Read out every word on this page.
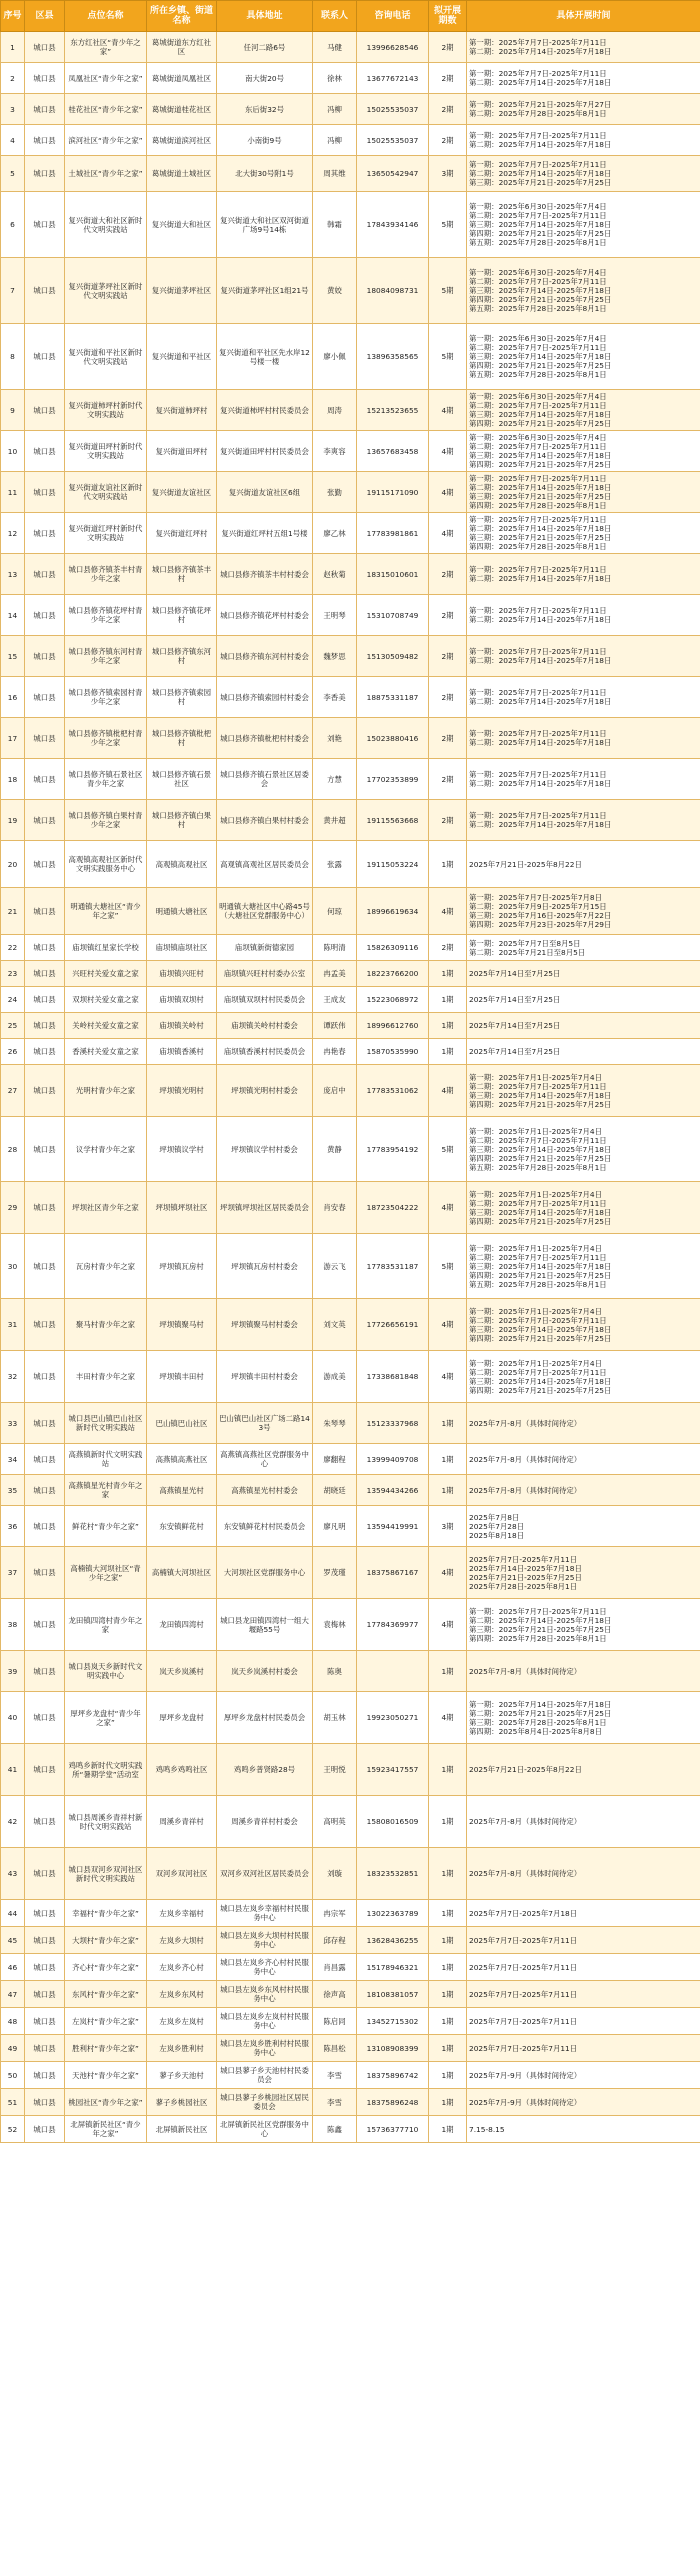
序号	区县	点位名称	所在乡镇、街道名称	具体地址	联系人	咨询电话	拟开展期数	具体开展时间
1	城口县	东方红社区“青少年之家”	葛城街道东方红社区	任河二路6号	马健	13996628546	2期	第一期：2025年7月7日-2025年7月11日
第二期：2025年7月14日-2025年7月18日
2	城口县	凤凰社区“青少年之家”	葛城街道凤凰社区	南大街20号	徐林	13677672143	2期	第一期：2025年7月7日-2025年7月11日
第二期：2025年7月14日-2025年7月18日
3	城口县	桂花社区“青少年之家”	葛城街道桂花社区	东后街32号	冯柳	15025535037	2期	第一期：2025年7月21日-2025年7月27日
第二期：2025年7月28日-2025年8月1日
4	城口县	滨河社区“青少年之家”	葛城街道滨河社区	小南街9号	冯柳	15025535037	2期	第一期：2025年7月7日-2025年7月11日
第二期：2025年7月14日-2025年7月18日
5	城口县	土城社区“青少年之家”	葛城街道土城社区	北大街30号附1号	周其维	13650542947	3期	第一期：2025年7月7日-2025年7月11日
第二期：2025年7月14日-2025年7月18日
第三期：2025年7月21日-2025年7月25日
6	城口县	复兴街道大和社区新时代文明实践站	复兴街道大和社区	复兴街道大和社区双河街道广场9号14栋	韩霜	17843934146	5期	第一期：2025年6月30日-2025年7月4日
第二期：2025年7月7日-2025年7月11日
第三期：2025年7月14日-2025年7月18日
第四期：2025年7月21日-2025年7月25日
第五期：2025年7月28日-2025年8月1日
7	城口县	复兴街道茅坪社区新时代文明实践站	复兴街道茅坪社区	复兴街道茅坪社区1组21号	黄姣	18084098731	5期	第一期：2025年6月30日-2025年7月4日
第二期：2025年7月7日-2025年7月11日
第三期：2025年7月14日-2025年7月18日
第四期：2025年7月21日-2025年7月25日
第五期：2025年7月28日-2025年8月1日
8	城口县	复兴街道和平社区新时代文明实践站	复兴街道和平社区	复兴街道和平社区先水岸12号楼一楼	廖小佩	13896358565	5期	第一期：2025年6月30日-2025年7月4日
第二期：2025年7月7日-2025年7月11日
第三期：2025年7月14日-2025年7月18日
第四期：2025年7月21日-2025年7月25日
第五期：2025年7月28日-2025年8月1日
9	城口县	复兴街道柿坪村新时代文明实践站	复兴街道柿坪村	复兴街道柿坪村村民委员会	周涛	15213523655	4期	第一期：2025年6月30日-2025年7月4日
第二期：2025年7月7日-2025年7月11日
第三期：2025年7月14日-2025年7月18日
第四期：2025年7月21日-2025年7月25日
10	城口县	复兴街道田坪村新时代文明实践站	复兴街道田坪村	复兴街道田坪村村民委员会	李爽容	13657683458	4期	第一期：2025年6月30日-2025年7月4日
第二期：2025年7月7日-2025年7月11日
第三期：2025年7月14日-2025年7月18日
第四期：2025年7月21日-2025年7月25日
11	城口县	复兴街道友谊社区新时代文明实践站	复兴街道友谊社区	复兴街道友谊社区6组	张勤	19115171090	4期	第一期：2025年7月7日-2025年7月11日
第二期：2025年7月14日-2025年7月18日
第三期：2025年7月21日-2025年7月25日
第四期：2025年7月28日-2025年8月1日
12	城口县	复兴街道红坪村新时代文明实践站	复兴街道红坪村	复兴街道红坪村五组1号楼	廖乙林	17783981861	4期	第一期：2025年7月7日-2025年7月11日
第二期：2025年7月14日-2025年7月18日
第三期：2025年7月21日-2025年7月25日
第四期：2025年7月28日-2025年8月1日
13	城口县	城口县修齐镇茶丰村青少年之家	城口县修齐镇茶丰村	城口县修齐镇茶丰村村委会	赵秋菊	18315010601	2期	第一期：2025年7月7日-2025年7月11日
第二期：2025年7月14日-2025年7月18日
14	城口县	城口县修齐镇花坪村青少年之家	城口县修齐镇花坪村	城口县修齐镇花坪村村委会	王明琴	15310708749	2期	第一期：2025年7月7日-2025年7月11日
第二期：2025年7月14日-2025年7月18日
15	城口县	城口县修齐镇东河村青少年之家	城口县修齐镇东河村	城口县修齐镇东河村村委会	魏梦思	15130509482	2期	第一期：2025年7月7日-2025年7月11日
第二期：2025年7月14日-2025年7月18日
16	城口县	城口县修齐镇索园村青少年之家	城口县修齐镇索园村	城口县修齐镇索园村村委会	李香美	18875331187	2期	第一期：2025年7月7日-2025年7月11日
第二期：2025年7月14日-2025年7月18日
17	城口县	城口县修齐镇枇杷村青少年之家	城口县修齐镇枇杷村	城口县修齐镇枇杷村村委会	刘艳	15023880416	2期	第一期：2025年7月7日-2025年7月11日
第二期：2025年7月14日-2025年7月18日
18	城口县	城口县修齐镇石景社区青少年之家	城口县修齐镇石景社区	城口县修齐镇石景社区居委会	方慧	17702353899	2期	第一期：2025年7月7日-2025年7月11日
第二期：2025年7月14日-2025年7月18日
19	城口县	城口县修齐镇白果村青少年之家	城口县修齐镇白果村	城口县修齐镇白果村村委会	黄井超	19115563668	2期	第一期：2025年7月7日-2025年7月11日
第二期：2025年7月14日-2025年7月18日
20	城口县	高观镇高观社区新时代文明实践服务中心	高观镇高观社区	高观镇高观社区居民委员会	张露	19115053224	1期	2025年7月21日-2025年8月22日
21	城口县	明通镇大塘社区“青少年之家”	明通镇大塘社区	明通镇大塘社区中心路45号（大塘社区党群服务中心）	何琼	18996619634	4期	第一期：2025年7月7日-2025年7月8日
第二期：2025年7月9日-2025年7月15日
第三期：2025年7月16日-2025年7月22日
第四期：2025年7月23日-2025年7月29日
22	城口县	庙坝镇红星家长学校	庙坝镇庙坝社区	庙坝镇新街德家园	陈明清	15826309116	2期	第一期：2025年7月7日至8月5日
第二期：2025年7月21日至8月5日
23	城口县	兴旺村关爱女童之家	庙坝镇兴旺村	庙坝镇兴旺村村委办公室	冉孟美	18223766200	1期	2025年7月14日至7月25日
24	城口县	双坝村关爱女童之家	庙坝镇双坝村	庙坝镇双坝村村民委员会	王成友	15223068972	1期	2025年7月14日至7月25日
25	城口县	关岭村关爱女童之家	庙坝镇关岭村	庙坝镇关岭村村委会	谭跃伟	18996612760	1期	2025年7月14日至7月25日
26	城口县	香溪村关爱女童之家	庙坝镇香溪村	庙坝镇香溪村村民委员会	冉艳春	15870535990	1期	2025年7月14日至7月25日
27	城口县	光明村青少年之家	坪坝镇光明村	坪坝镇光明村村委会	庞启中	17783531062	4期	第一期：2025年7月1日-2025年7月4日
第二期：2025年7月7日-2025年7月11日
第三期：2025年7月14日-2025年7月18日
第四期：2025年7月21日-2025年7月25日
28	城口县	议学村青少年之家	坪坝镇议学村	坪坝镇议学村村委会	黄静	17783954192	5期	第一期：2025年7月1日-2025年7月4日
第二期：2025年7月7日-2025年7月11日
第三期：2025年7月14日-2025年7月18日
第四期：2025年7月21日-2025年7月25日
第五期：2025年7月28日-2025年8月1日
29	城口县	坪坝社区青少年之家	坪坝镇坪坝社区	坪坝镇坪坝社区居民委员会	肖安春	18723504222	4期	第一期：2025年7月1日-2025年7月4日
第二期：2025年7月7日-2025年7月11日
第三期：2025年7月14日-2025年7月18日
第四期：2025年7月21日-2025年7月25日
30	城口县	瓦房村青少年之家	坪坝镇瓦房村	坪坝镇瓦房村村委会	游云飞	17783531187	5期	第一期：2025年7月1日-2025年7月4日
第二期：2025年7月7日-2025年7月11日
第三期：2025年7月14日-2025年7月18日
第四期：2025年7月21日-2025年7月25日
第五期：2025年7月28日-2025年8月1日
31	城口县	聚马村青少年之家	坪坝镇聚马村	坪坝镇聚马村村委会	刘文英	17726656191	4期	第一期：2025年7月1日-2025年7月4日
第二期：2025年7月7日-2025年7月11日
第三期：2025年7月14日-2025年7月18日
第四期：2025年7月21日-2025年7月25日
32	城口县	丰田村青少年之家	坪坝镇丰田村	坪坝镇丰田村村委会	游成美	17338681848	4期	第一期：2025年7月1日-2025年7月4日
第二期：2025年7月7日-2025年7月11日
第三期：2025年7月14日-2025年7月18日
第四期：2025年7月21日-2025年7月25日
33	城口县	城口县巴山镇巴山社区新时代文明实践站	巴山镇巴山社区	巴山镇巴山社区广场二路143号	朱琴琴	15123337968	1期	2025年7月-8月（具体时间待定）
34	城口县	高燕镇新时代文明实践站	高燕镇高燕社区	高燕镇高燕社区党群服务中心	廖翻程	13999409708	1期	2025年7月-8月（具体时间待定）
35	城口县	高燕镇星光村青少年之家	高燕镇星光村	高燕镇星光村村委会	胡晓廷	13594434266	1期	2025年7月-8月（具体时间待定）
36	城口县	鲜花村“青少年之家”	东安镇鲜花村	东安镇鲜花村村民委员会	廖凡明	13594419991	3期	2025年7月8日
2025年7月28日
2025年8月18日
37	城口县	高楠镇大河坝社区“青少年之家”	高楠镇大河坝社区	大河坝社区党群服务中心	罗茂瑾	18375867167	4期	2025年7月7日-2025年7月11日
2025年7月14日-2025年7月18日
2025年7月21日-2025年7月25日
2025年7月28日-2025年8月1日
38	城口县	龙田镇四湾村青少年之家	龙田镇四湾村	城口县龙田镇四湾村一组大堰路55号	袁梅林	17784369977	4期	第一期：2025年7月7日-2025年7月11日
第二期：2025年7月14日-2025年7月18日
第三期：2025年7月21日-2025年7月25日
第四期：2025年7月28日-2025年8月1日
39	城口县	城口县岚天乡新时代文明实践中心	岚天乡岚溪村	岚天乡岚溪村村委会	陈奥		1期	2025年7月-8月（具体时间待定）
40	城口县	厚坪乡龙盘村“青少年之家”	厚坪乡龙盘村	厚坪乡龙盘村村民委员会	胡玉林	19923050271	4期	第一期：2025年7月14日-2025年7月18日
第二期：2025年7月21日-2025年7月25日
第三期：2025年7月28日-2025年8月1日
第四期：2025年8月4日-2025年8月8日
41	城口县	鸡鸣乡新时代文明实践所“暑期学堂”活动室	鸡鸣乡鸡鸣社区	鸡鸣乡普贤路28号	王明悦	15923417557	1期	2025年7月21日-2025年8月22日
42	城口县	城口县周溪乡青祥村新时代文明实践站	周溪乡青祥村	周溪乡青祥村村委会	高明英	15808016509	1期	2025年7月-8月（具体时间待定）
43	城口县	城口县双河乡双河社区新时代文明实践站	双河乡双河社区	双河乡双河社区居民委员会	刘璇	18323532851	1期	2025年7月-8月（具体时间待定）
44	城口县	幸福村“青少年之家”	左岚乡幸福村	城口县左岚乡幸福村村民服务中心	冉宗军	13022363789	1期	2025年7月7日-2025年7月18日
45	城口县	大坝村“青少年之家”	左岚乡大坝村	城口县左岚乡大坝村村民服务中心	邱存程	13628436255	1期	2025年7月7日-2025年7月11日
46	城口县	齐心村“青少年之家”	左岚乡齐心村	城口县左岚乡齐心村村民服务中心	肖昌露	15178946321	1期	2025年7月7日-2025年7月11日
47	城口县	东风村“青少年之家”	左岚乡东风村	城口县左岚乡东风村村民服务中心	徐声高	18108381057	1期	2025年7月7日-2025年7月11日
48	城口县	左岚村“青少年之家”	左岚乡左岚村	城口县左岚乡左岚村村民服务中心	陈启同	13452715302	1期	2025年7月7日-2025年7月11日
49	城口县	胜利村“青少年之家”	左岚乡胜利村	城口县左岚乡胜利村村民服务中心	陈昌松	13108908399	1期	2025年7月7日-2025年7月11日
50	城口县	天池村“青少年之家”	蓼子乡天池村	城口县蓼子乡天池村村民委员会	李雪	18375896742	1期	2025年7月-9月（具体时间待定）
51	城口县	桃园社区“青少年之家”	蓼子乡桃园社区	城口县蓼子乡桃园社区居民委员会	李雪	18375896248	1期	2025年7月-9月（具体时间待定）
52	城口县	北屏镇新民社区“青少年之家”	北屏镇新民社区	北屏镇新民社区党群服务中心	陈鑫	15736377710	1期	7.15-8.15
